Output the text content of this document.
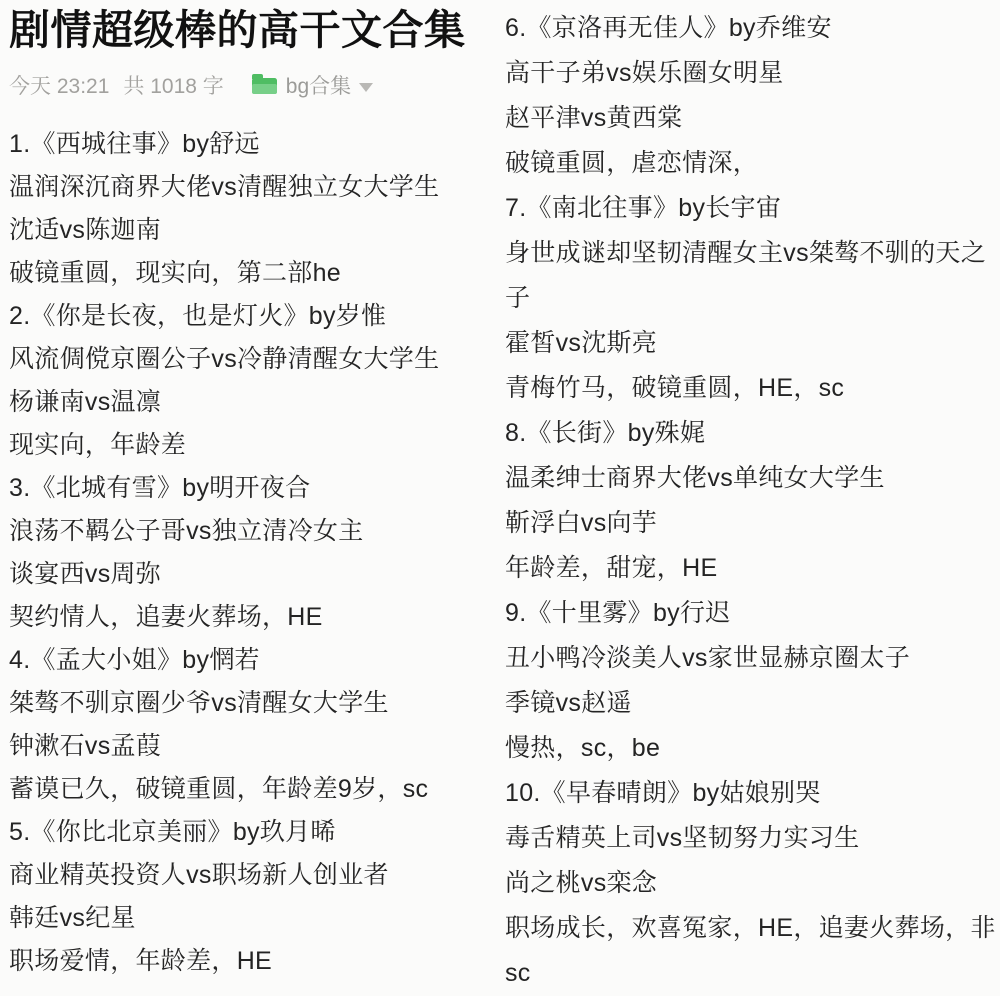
剧情超级棒的高干文合集
今天 23:21 共 1018 字	bg合集
1.《西城往事》by舒远
温润深沉商界大佬vs清醒独立女大学生
沈适vs陈迦南
破镜重圆，现实向，第二部he
2.《你是长夜，也是灯火》by岁惟
风流倜傥京圈公子vs冷静清醒女大学生
杨谦南vs温凛
现实向，年龄差
3.《北城有雪》by明开夜合
浪荡不羁公子哥vs独立清冷女主
谈宴西vs周弥
契约情人，追妻火葬场，HE
4.《孟大小姐》by惘若
桀骜不驯京圈少爷vs清醒女大学生
钟漱石vs孟葭
蓄谟已久，破镜重圆，年龄差9岁，sc
5.《你比北京美丽》by玖月晞
商业精英投资人vs职场新人创业者
韩廷vs纪星
职场爱情，年龄差，HE
6.《京洛再无佳人》by乔维安
高干子弟vs娱乐圈女明星
赵平津vs黄西棠
破镜重圆，虐恋情深，
7.《南北往事》by长宇宙
身世成谜却坚韧清醒女主vs桀骜不驯的天之
子
霍皙vs沈斯亮
青梅竹马，破镜重圆，HE，sc
8.《长街》by殊娓
温柔绅士商界大佬vs单纯女大学生
靳浮白vs向芋
年龄差，甜宠，HE
9.《十里雾》by行迟
丑小鸭冷淡美人vs家世显赫京圈太子
季镜vs赵遥
慢热，sc，be
10.《早春晴朗》by姑娘别哭
毒舌精英上司vs坚韧努力实习生
尚之桃vs栾念
职场成长，欢喜冤家，HE，追妻火葬场，非
sc
